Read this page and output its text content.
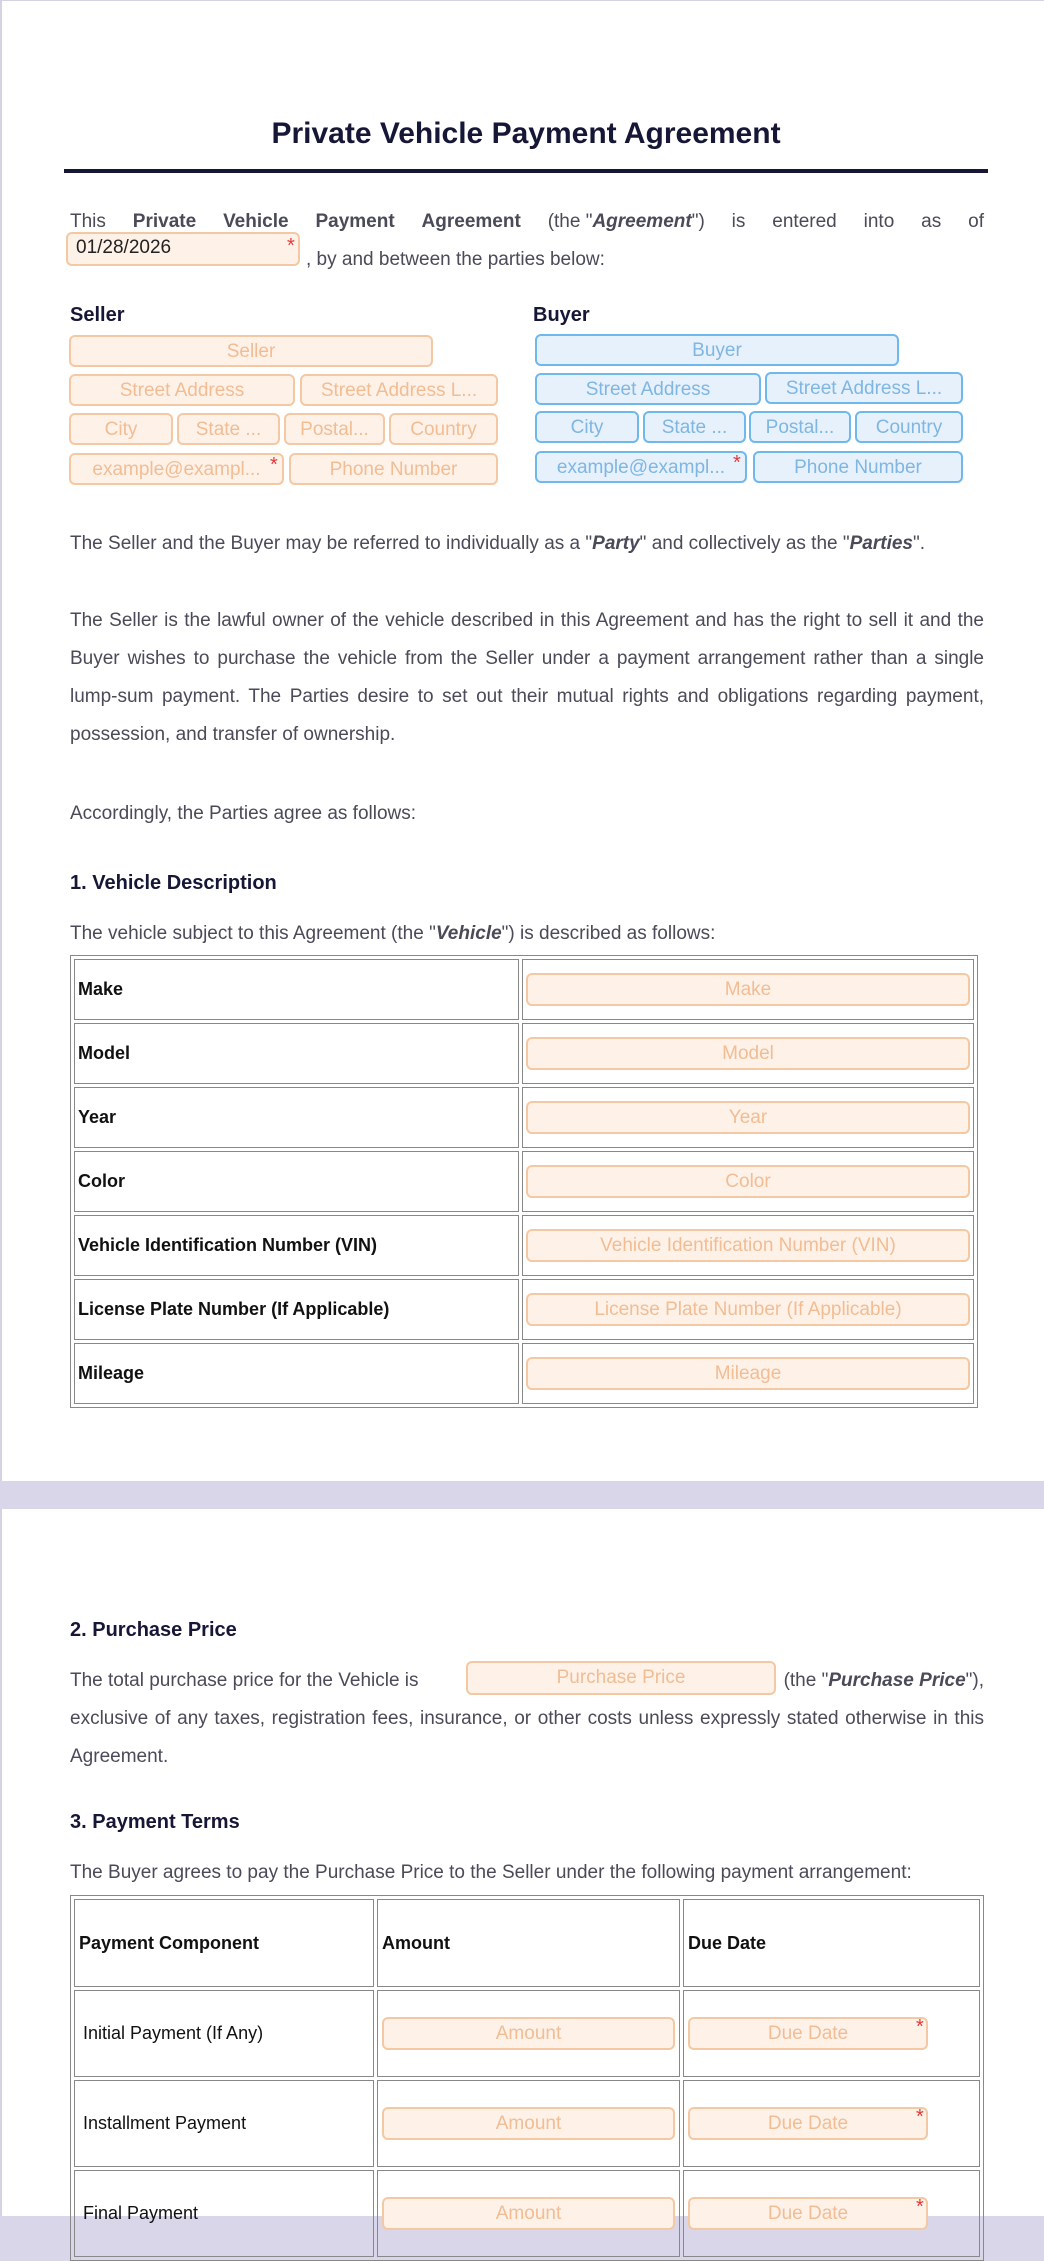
Private Vehicle Payment Agreement
This Private Vehicle Payment Agreement (the "Agreement") is entered into as of
01/28/2026	*
, by and between the parties below:
Seller
Seller
Street Address	Street Address L...
City	State ...	Postal...	Country
example@exampl... *	Phone Number
Buyer
Buyer
Street Address	Street Address L...
City	State ...	Postal...	Country
example@exampl... *	Phone Number
The Seller and the Buyer may be referred to individually as a "Party" and collectively as the "Parties".
The Seller is the lawful owner of the vehicle described in this Agreement and has the right to sell it and the
Buyer wishes to purchase the vehicle from the Seller under a payment arrangement rather than a single
lump-sum payment. The Parties desire to set out their mutual rights and obligations regarding payment,
possession, and transfer of ownership.
Accordingly, the Parties agree as follows:
1. Vehicle Description
The vehicle subject to this Agreement (the "Vehicle") is described as follows:
Make	Make

Model	Model

Year	Year

Color	Color

Vehicle Identification Number (VIN)	Vehicle Identification Number (VIN)

License Plate Number (If Applicable)	License Plate Number (If Applicable)

Mileage	Mileage
2. Purchase Price
The total purchase price for the Vehicle is	(the "Purchase Price"),
Purchase Price
exclusive of any taxes, registration fees, insurance, or other costs unless expressly stated otherwise in this
Agreement.
3. Payment Terms
The Buyer agrees to pay the Purchase Price to the Seller under the following payment arrangement:
Payment Component	Amount	Due Date
Initial Payment (If Any)	Amount	Due Date *

Installment Payment	Amount	Due Date *

Final Payment	Amount	Due Date *
